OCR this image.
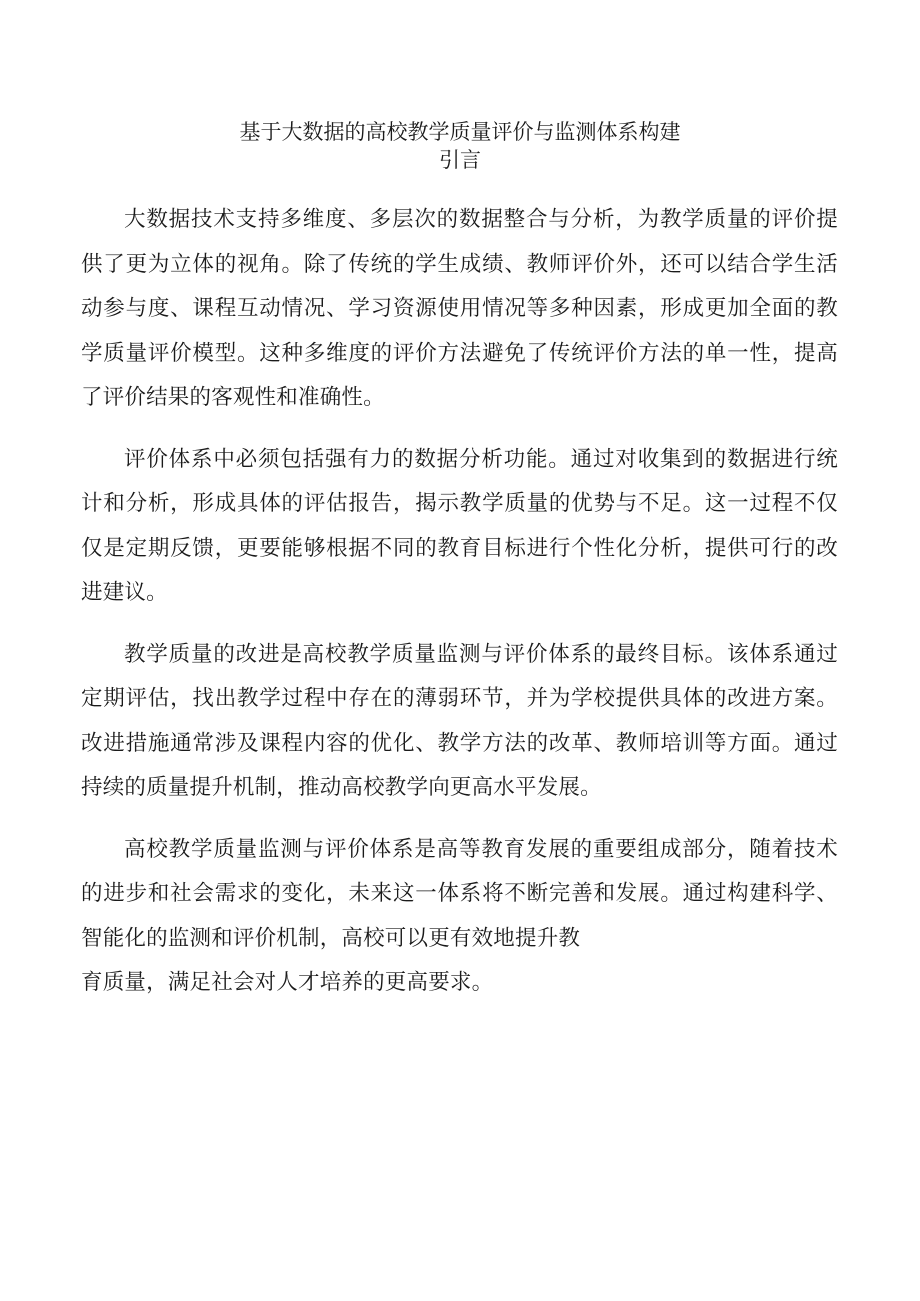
基于大数据的高校教学质量评价与监测体系构建
引言

大数据技术支持多维度、多层次的数据整合与分析，为教学质量的评价提供了更为立体的视角。除了传统的学生成绩、教师评价外，还可以结合学生活动参与度、课程互动情况、学习资源使用情况等多种因素，形成更加全面的教学质量评价模型。这种多维度的评价方法避免了传统评价方法的单一性，提高了评价结果的客观性和准确性。

评价体系中必须包括强有力的数据分析功能。通过对收集到的数据进行统计和分析，形成具体的评估报告，揭示教学质量的优势与不足。这一过程不仅仅是定期反馈，更要能够根据不同的教育目标进行个性化分析，提供可行的改进建议。

教学质量的改进是高校教学质量监测与评价体系的最终目标。该体系通过定期评估，找出教学过程中存在的薄弱环节，并为学校提供具体的改进方案。改进措施通常涉及课程内容的优化、教学方法的改革、教师培训等方面。通过持续的质量提升机制，推动高校教学向更高水平发展。

高校教学质量监测与评价体系是高等教育发展的重要组成部分，随着技术的进步和社会需求的变化，未来这一体系将不断完善和发展。通过构建科学、智能化的监测和评价机制，高校可以更有效地提升教
育质量，满足社会对人才培养的更高要求。
